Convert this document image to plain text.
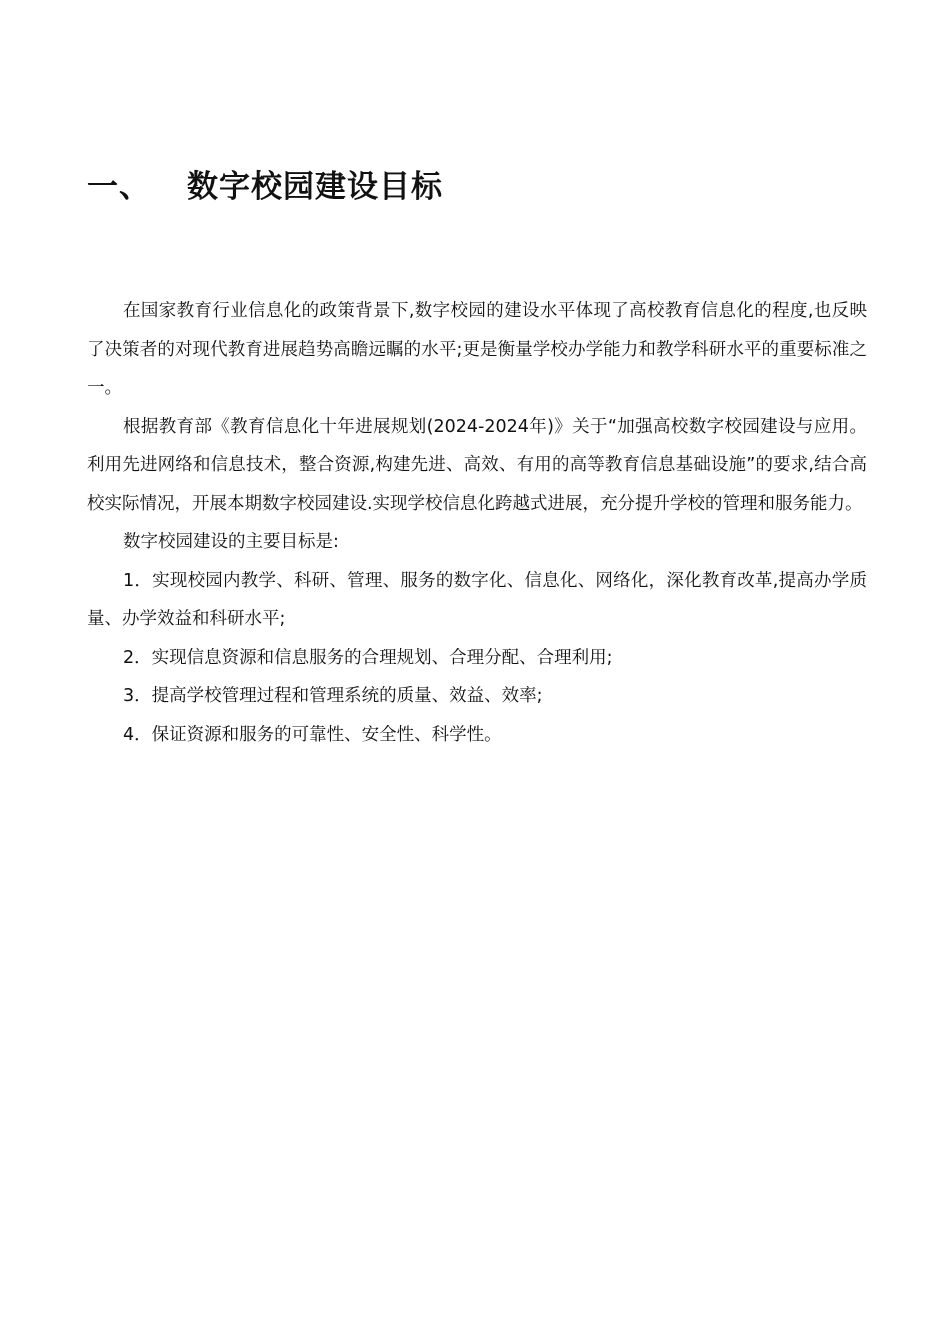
一、	数字校园建设目标

在国家教育行业信息化的政策背景下,数字校园的建设水平体现了高校教育信息化的程度,也反映了决策者的对现代教育进展趋势高瞻远瞩的水平;更是衡量学校办学能力和教学科研水平的重要标准之一。

根据教育部《教育信息化十年进展规划(2024-2024年)》关于“加强高校数字校园建设与应用。利用先进网络和信息技术，整合资源,构建先进、高效、有用的高等教育信息基础设施”的要求,结合高校实际情况，开展本期数字校园建设.实现学校信息化跨越式进展，充分提升学校的管理和服务能力。

数字校园建设的主要目标是:

1．实现校园内教学、科研、管理、服务的数字化、信息化、网络化，深化教育改革,提高办学质量、办学效益和科研水平;

2．实现信息资源和信息服务的合理规划、合理分配、合理利用;

3．提高学校管理过程和管理系统的质量、效益、效率;

4．保证资源和服务的可靠性、安全性、科学性。
